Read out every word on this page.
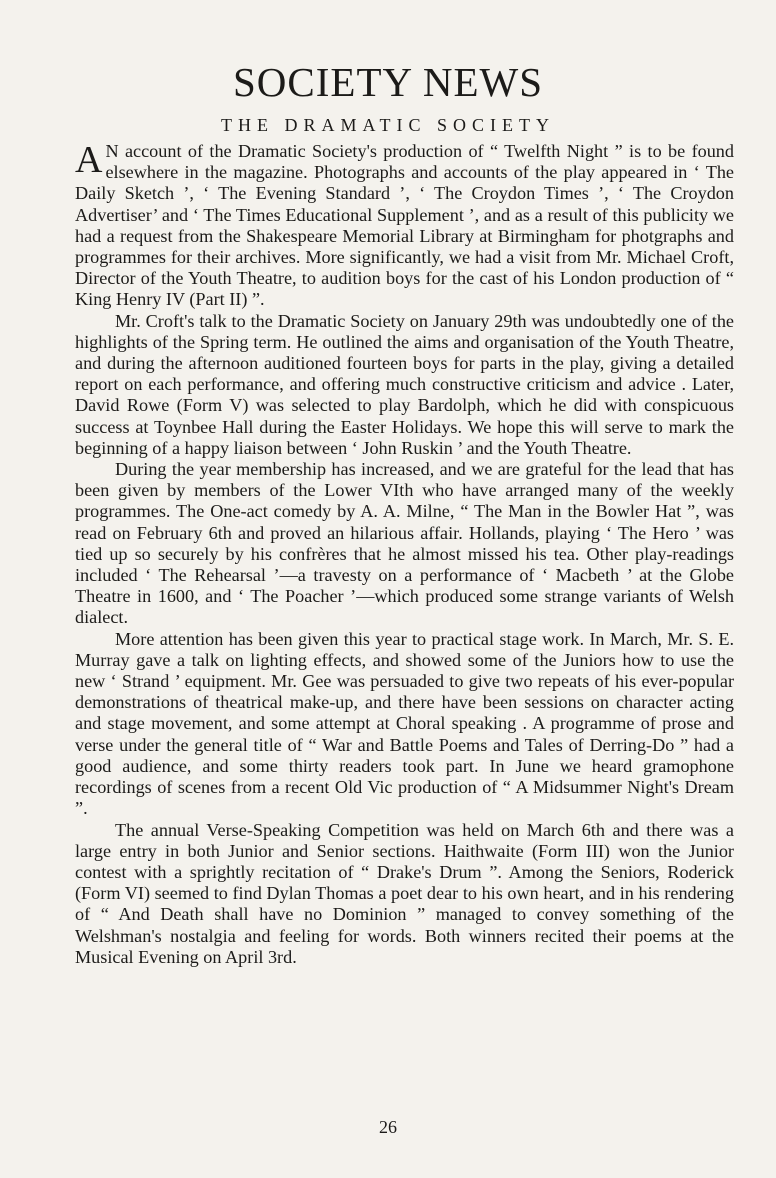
SOCIETY NEWS
THE DRAMATIC SOCIETY

A N account of the Dramatic Society's production of “ Twelfth Night ” is to be found elsewhere in the magazine. Photographs and accounts of the play appeared in ‘ The Daily Sketch ’, ‘ The Evening Standard ’, ‘ The Croydon Times ’, ‘ The Croydon Advertiser’ and ‘ The Times Educational Supplement ’, and as a result of this publicity we had a request from the Shakespeare Memorial Library at Birmingham for photgraphs and programmes for their archives. More significantly, we had a visit from Mr. Michael Croft, Director of the Youth Theatre, to audition boys for the cast of his London production of “ King Henry IV (Part II) ”.

Mr. Croft's talk to the Dramatic Society on January 29th was undoubtedly one of the highlights of the Spring term. He outlined the aims and organisation of the Youth Theatre, and during the afternoon auditioned fourteen boys for parts in the play, giving a detailed report on each performance, and offering much constructive criticism and advice . Later, David Rowe (Form V) was selected to play Bardolph, which he did with conspicuous success at Toynbee Hall during the Easter Holidays. We hope this will serve to mark the beginning of a happy liaison between ‘ John Ruskin ’ and the Youth Theatre.

During the year membership has increased, and we are grateful for the lead that has been given by members of the Lower VIth who have arranged many of the weekly programmes. The One-act comedy by A. A. Milne, “ The Man in the Bowler Hat ”, was read on February 6th and proved an hilarious affair. Hollands, playing ‘ The Hero ’ was tied up so securely by his confrères that he almost missed his tea. Other play-readings included ‘ The Rehearsal ’—a travesty on a performance of ‘ Macbeth ’ at the Globe Theatre in 1600, and ‘ The Poacher ’—which produced some strange variants of Welsh dialect.

More attention has been given this year to practical stage work. In March, Mr. S. E. Murray gave a talk on lighting effects, and showed some of the Juniors how to use the new ‘ Strand ’ equipment. Mr. Gee was persuaded to give two repeats of his ever-popular demonstrations of theatrical make-up, and there have been sessions on character acting and stage movement, and some attempt at Choral speaking . A programme of prose and verse under the general title of “ War and Battle Poems and Tales of Derring-Do ” had a good audience, and some thirty readers took part. In June we heard gramophone recordings of scenes from a recent Old Vic production of “ A Midsummer Night's Dream ”.

The annual Verse-Speaking Competition was held on March 6th and there was a large entry in both Junior and Senior sections. Haithwaite (Form III) won the Junior contest with a sprightly recitation of “ Drake's Drum ”. Among the Seniors, Roderick (Form VI) seemed to find Dylan Thomas a poet dear to his own heart, and in his rendering of “ And Death shall have no Dominion ” managed to convey something of the Welshman's nostalgia and feeling for words. Both winners recited their poems at the Musical Evening on April 3rd.

26
